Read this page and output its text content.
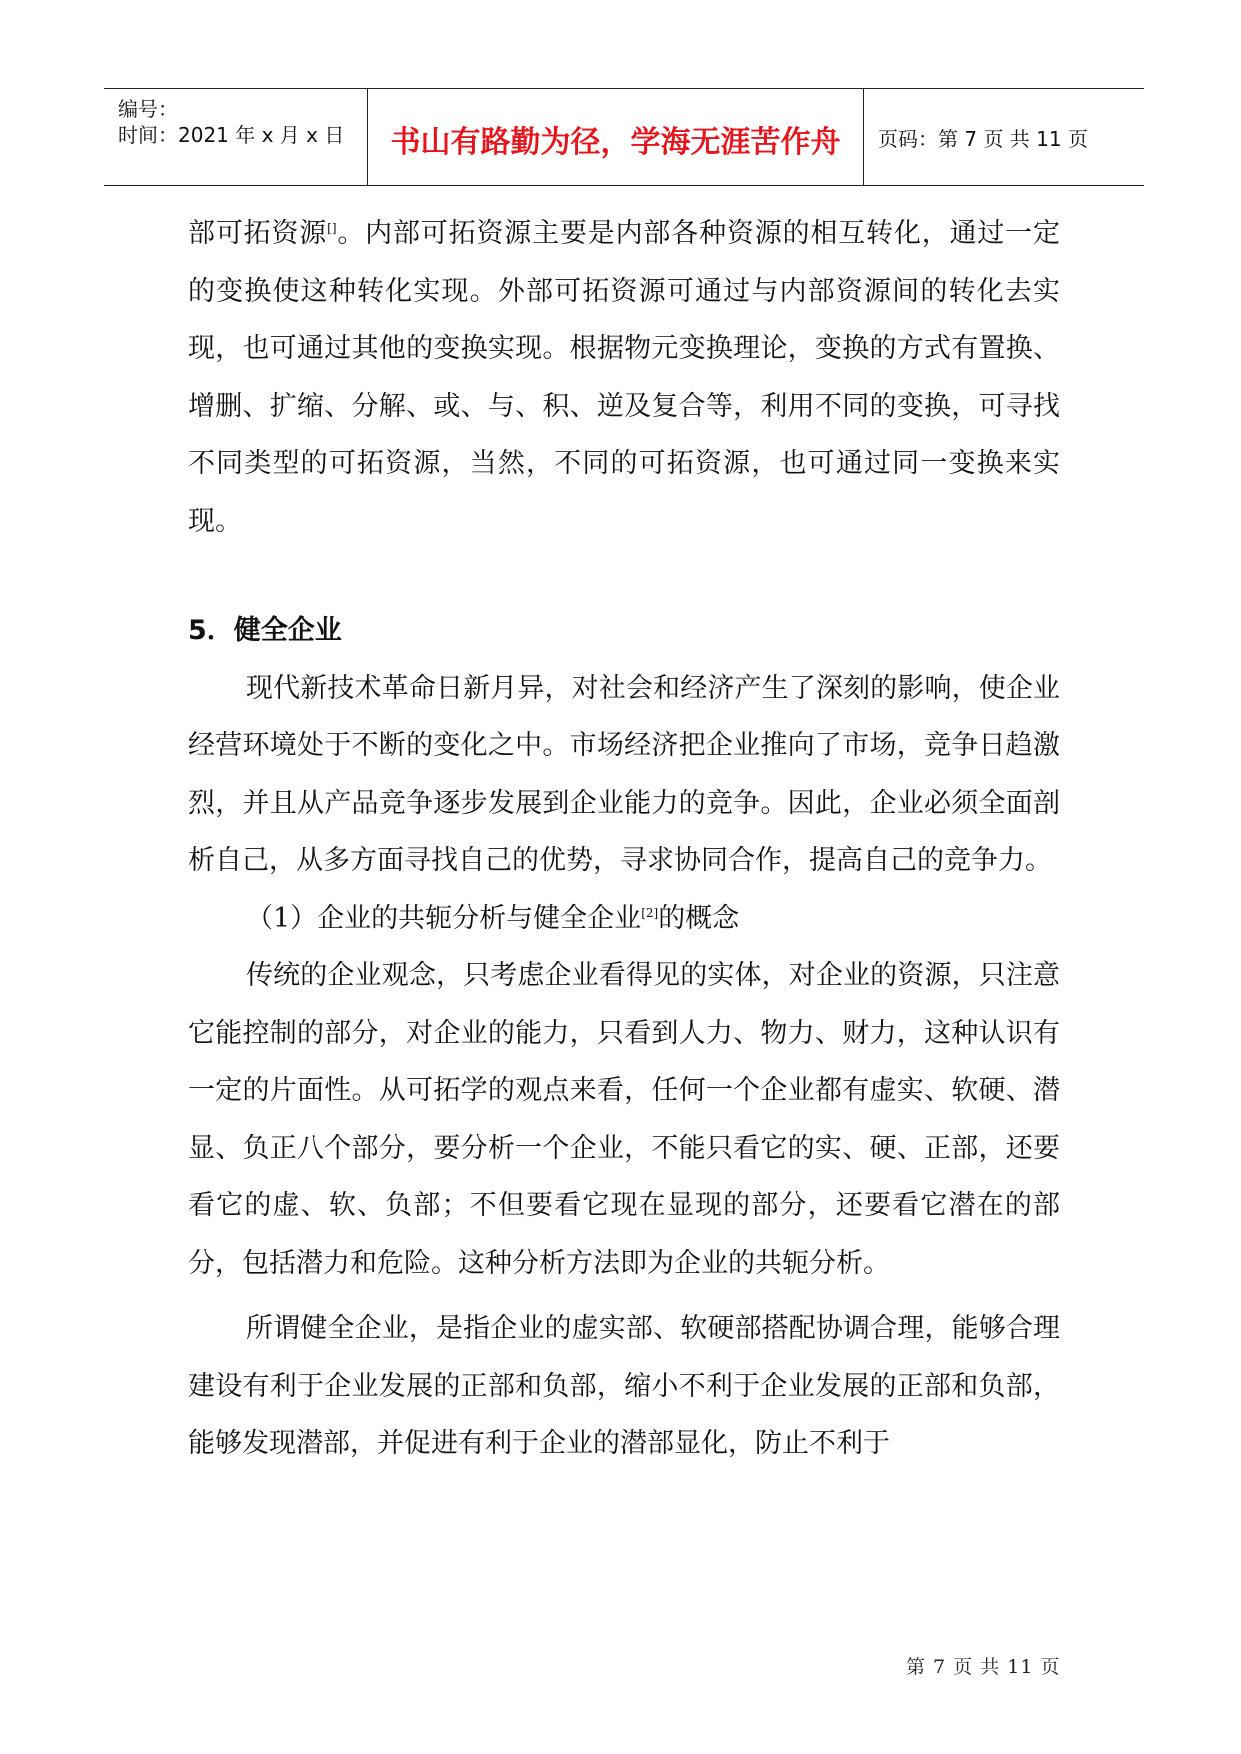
编号：
时间：2021 年 x 月 x 日	书山有路勤为径，学海无涯苦作舟	页码：第 7 页 共 11 页

部可拓资源[]。内部可拓资源主要是内部各种资源的相互转化，通过一定的变换使这种转化实现。外部可拓资源可通过与内部资源间的转化去实现，也可通过其他的变换实现。根据物元变换理论，变换的方式有置换、增删、扩缩、分解、或、与、积、逆及复合等，利用不同的变换，可寻找不同类型的可拓资源，当然，不同的可拓资源，也可通过同一变换来实现。

5．健全企业

现代新技术革命日新月异，对社会和经济产生了深刻的影响，使企业经营环境处于不断的变化之中。市场经济把企业推向了市场，竞争日趋激烈，并且从产品竞争逐步发展到企业能力的竞争。因此，企业必须全面剖析自己，从多方面寻找自己的优势，寻求协同合作，提高自己的竞争力。

（1）企业的共轭分析与健全企业[2]的概念

传统的企业观念，只考虑企业看得见的实体，对企业的资源，只注意它能控制的部分，对企业的能力，只看到人力、物力、财力，这种认识有一定的片面性。从可拓学的观点来看，任何一个企业都有虚实、软硬、潜显、负正八个部分，要分析一个企业，不能只看它的实、硬、正部，还要看它的虚、软、负部；不但要看它现在显现的部分，还要看它潜在的部分，包括潜力和危险。这种分析方法即为企业的共轭分析。

所谓健全企业，是指企业的虚实部、软硬部搭配协调合理，能够合理建设有利于企业发展的正部和负部，缩小不利于企业发展的正部和负部，能够发现潜部，并促进有利于企业的潜部显化，防止不利于

第 7 页 共 11 页
